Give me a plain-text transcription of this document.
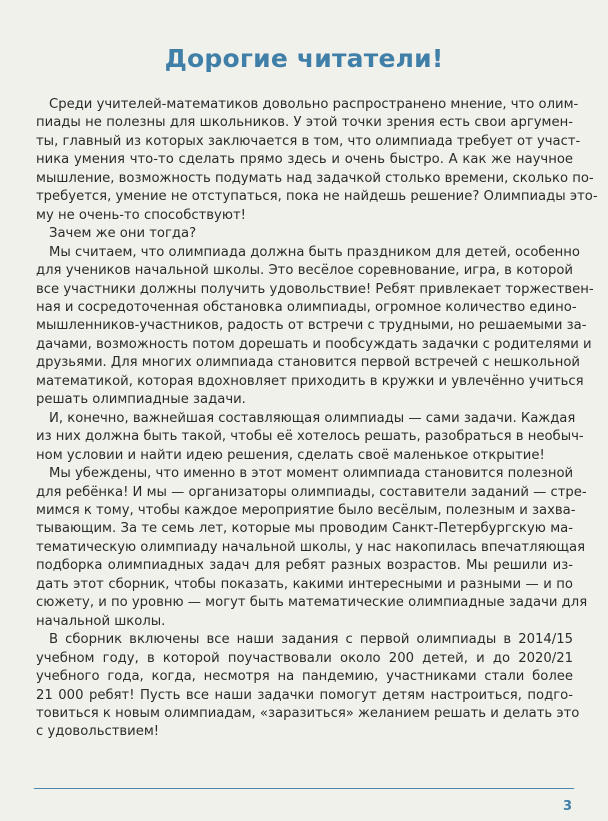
Дорогие читатели!
Среди учителей-математиков довольно распространено мнение, что олим-
пиады не полезны для школьников. У этой точки зрения есть свои аргумен-
ты, главный из которых заключается в том, что олимпиада требует от участ-
ника умения что-то сделать прямо здесь и очень быстро. А как же научное
мышление, возможность подумать над задачкой столько времени, сколько по-
требуется, умение не отступаться, пока не найдешь решение? Олимпиады это-
му не очень-то способствуют!
Зачем же они тогда?
Мы считаем, что олимпиада должна быть праздником для детей, особенно
для учеников начальной школы. Это весёлое соревнование, игра, в которой
все участники должны получить удовольствие! Ребят привлекает торжествен-
ная и сосредоточенная обстановка олимпиады, огромное количество едино-
мышленников-участников, радость от встречи с трудными, но решаемыми за-
дачами, возможность потом дорешать и пообсуждать задачки с родителями и
друзьями. Для многих олимпиада становится первой встречей с нешкольной
математикой, которая вдохновляет приходить в кружки и увлечённо учиться
решать олимпиадные задачи.
И, конечно, важнейшая составляющая олимпиады — сами задачи. Каждая
из них должна быть такой, чтобы её хотелось решать, разобраться в необыч-
ном условии и найти идею решения, сделать своё маленькое открытие!
Мы убеждены, что именно в этот момент олимпиада становится полезной
для ребёнка! И мы — организаторы олимпиады, составители заданий — стре-
мимся к тому, чтобы каждое мероприятие было весёлым, полезным и захва-
тывающим. За те семь лет, которые мы проводим Санкт-Петербургскую ма-
тематическую олимпиаду начальной школы, у нас накопилась впечатляющая
подборка олимпиадных задач для ребят разных возрастов. Мы решили из-
дать этот сборник, чтобы показать, какими интересными и разными — и по
сюжету, и по уровню — могут быть математические олимпиадные задачи для
начальной школы.
В сборник включены все наши задания с первой олимпиады в 2014/15
учебном году, в которой поучаствовали около 200 детей, и до 2020/21
учебного года, когда, несмотря на пандемию, участниками стали более
21 000 ребят! Пусть все наши задачки помогут детям настроиться, подго-
товиться к новым олимпиадам, «заразиться» желанием решать и делать это
с удовольствием!
3
